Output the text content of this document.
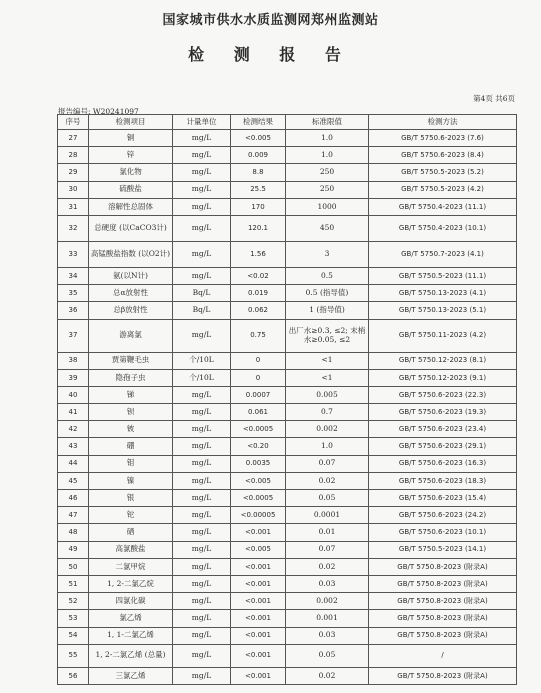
国家城市供水水质监测网郑州监测站
检 测 报 告
第4页 共6页
报告编号: W20241097
序号	检测项目	计量单位	检测结果	标准限值	检测方法
27	铜	mg/L	<0.005	1.0	GB/T 5750.6-2023 (7.6)
28	锌	mg/L	0.009	1.0	GB/T 5750.6-2023 (8.4)
29	氯化物	mg/L	8.8	250	GB/T 5750.5-2023 (5.2)
30	硫酸盐	mg/L	25.5	250	GB/T 5750.5-2023 (4.2)
31	溶解性总固体	mg/L	170	1000	GB/T 5750.4-2023 (11.1)
32	总硬度 (以CaCO3计)	mg/L	120.1	450	GB/T 5750.4-2023 (10.1)
33	高锰酸盐指数 (以O2计)	mg/L	1.56	3	GB/T 5750.7-2023 (4.1)
34	氨(以N计)	mg/L	<0.02	0.5	GB/T 5750.5-2023 (11.1)
35	总α放射性	Bq/L	0.019	0.5 (指导值)	GB/T 5750.13-2023 (4.1)
36	总β放射性	Bq/L	0.062	1 (指导值)	GB/T 5750.13-2023 (5.1)
37	游离氯	mg/L	0.75	出厂水≥0.3, ≤2; 末梢水≥0.05, ≤2	GB/T 5750.11-2023 (4.2)
38	贾第鞭毛虫	个/10L	0	<1	GB/T 5750.12-2023 (8.1)
39	隐孢子虫	个/10L	0	<1	GB/T 5750.12-2023 (9.1)
40	锑	mg/L	0.0007	0.005	GB/T 5750.6-2023 (22.3)
41	钡	mg/L	0.061	0.7	GB/T 5750.6-2023 (19.3)
42	铍	mg/L	<0.0005	0.002	GB/T 5750.6-2023 (23.4)
43	硼	mg/L	<0.20	1.0	GB/T 5750.6-2023 (29.1)
44	钼	mg/L	0.0035	0.07	GB/T 5750.6-2023 (16.3)
45	镍	mg/L	<0.005	0.02	GB/T 5750.6-2023 (18.3)
46	银	mg/L	<0.0005	0.05	GB/T 5750.6-2023 (15.4)
47	铊	mg/L	<0.00005	0.0001	GB/T 5750.6-2023 (24.2)
48	硒	mg/L	<0.001	0.01	GB/T 5750.6-2023 (10.1)
49	高氯酸盐	mg/L	<0.005	0.07	GB/T 5750.5-2023 (14.1)
50	二氯甲烷	mg/L	<0.001	0.02	GB/T 5750.8-2023 (附录A)
51	1, 2-二氯乙烷	mg/L	<0.001	0.03	GB/T 5750.8-2023 (附录A)
52	四氯化碳	mg/L	<0.001	0.002	GB/T 5750.8-2023 (附录A)
53	氯乙烯	mg/L	<0.001	0.001	GB/T 5750.8-2023 (附录A)
54	1, 1-二氯乙烯	mg/L	<0.001	0.03	GB/T 5750.8-2023 (附录A)
55	1, 2-二氯乙烯 (总量)	mg/L	<0.001	0.05	/
56	三氯乙烯	mg/L	<0.001	0.02	GB/T 5750.8-2023 (附录A)
